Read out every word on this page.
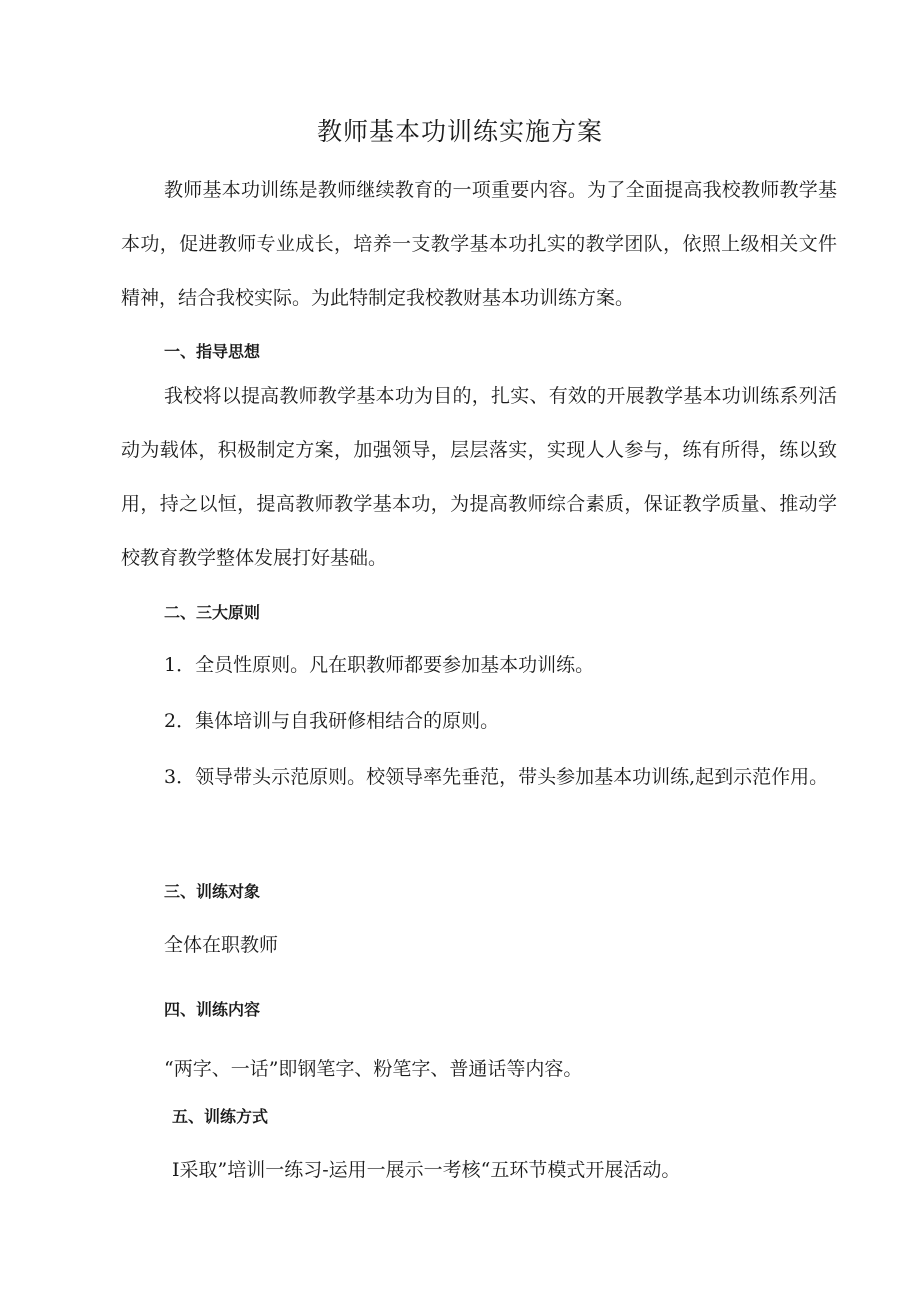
教师基本功训练实施方案

教师基本功训练是教师继续教育的一项重要内容。为了全面提高我校教师教学基本功，促进教师专业成长，培养一支教学基本功扎实的教学团队，依照上级相关文件精神，结合我校实际。为此特制定我校教财基本功训练方案。

一、指导思想

我校将以提高教师教学基本功为目的，扎实、有效的开展教学基本功训练系列活动为载体，积极制定方案，加强领导，层层落实，实现人人参与，练有所得，练以致用，持之以恒，提高教师教学基本功，为提高教师综合素质，保证教学质量、推动学校教育教学整体发展打好基础。

二、三大原则

1．全员性原则。凡在职教师都要参加基本功训练。

2．集体培训与自我研修相结合的原则。

3．领导带头示范原则。校领导率先垂范，带头参加基本功训练,起到示范作用。

三、训练对象

全体在职教师

四、训练内容

“两字、一话”即钢笔字、粉笔字、普通话等内容。

五、训练方式

I采取”培训一练习-运用一展示一考核“五环节模式开展活动。
